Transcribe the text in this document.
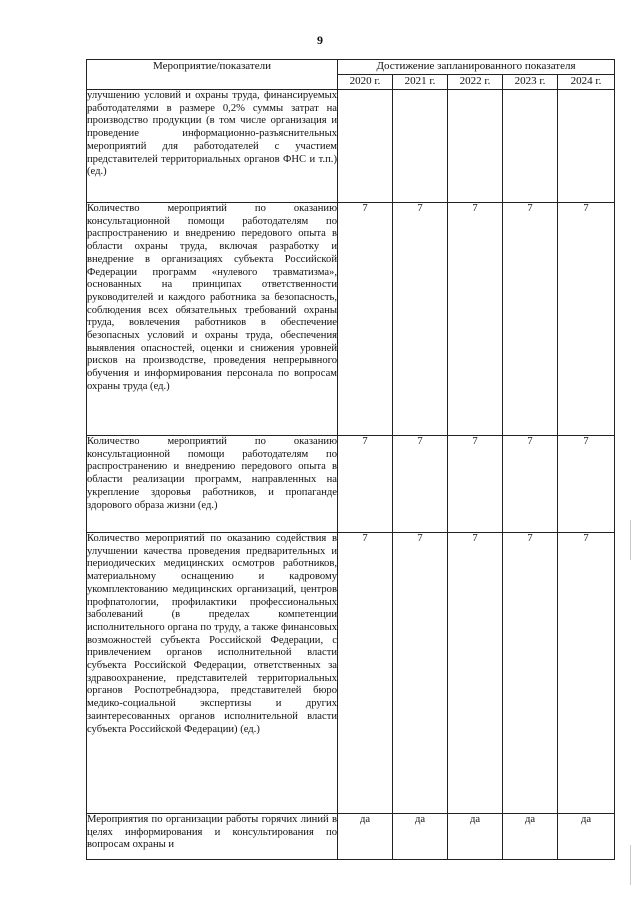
9
Мероприятие/показатели	Достижение запланированного показателя				
	2020 г.	2021 г.	2022 г.	2023 г.	2024 г.
улучшению условий и охраны труда, финансируемых работодателями в размере 0,2% суммы затрат на производство продукции (в том числе организация и проведение информационно-разъяснительных мероприятий для работодателей с участием представителей территориальных органов ФНС и т.п.) (ед.)					
Количество мероприятий по оказанию консультационной помощи работодателям по распространению и внедрению передового опыта в области охраны труда, включая разработку и внедрение в организациях субъекта Российской Федерации программ «нулевого травматизма», основанных на принципах ответственности руководителей и каждого работника за безопасность, соблюдения всех обязательных требований охраны труда, вовлечения работников в обеспечение безопасных условий и охраны труда, обеспечения выявления опасностей, оценки и снижения уровней рисков на производстве, проведения непрерывного обучения и информирования персонала по вопросам охраны труда (ед.)	7	7	7	7	7
Количество мероприятий по оказанию консультационной помощи работодателям по распространению и внедрению передового опыта в области реализации программ, направленных на укрепление здоровья работников, и пропаганде здорового образа жизни (ед.)	7	7	7	7	7
Количество мероприятий по оказанию содействия в улучшении качества проведения предварительных и периодических медицинских осмотров работников, материальному оснащению и кадровому укомплектованию медицинских организаций, центров профпатологии, профилактики профессиональных заболеваний (в пределах компетенции исполнительного органа по труду, а также финансовых возможностей субъекта Российской Федерации, с привлечением органов исполнительной власти субъекта Российской Федерации, ответственных за здравоохранение, представителей территориальных органов Роспотребнадзора, представителей бюро медико-социальной экспертизы и других заинтересованных органов исполнительной власти субъекта Российской Федерации) (ед.)	7	7	7	7	7
Мероприятия по организации работы горячих линий в целях информирования и консультирования по вопросам охраны и	да	да	да	да	да
